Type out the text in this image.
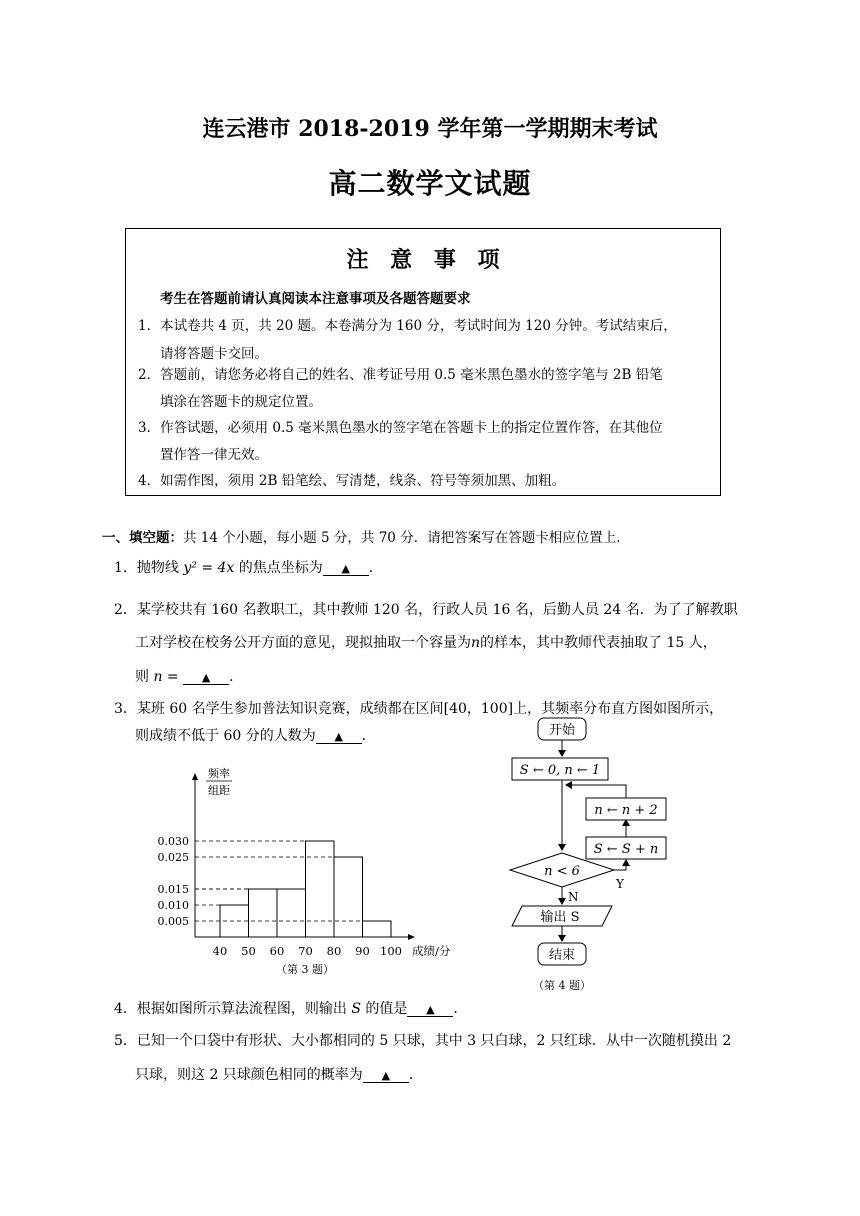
连云港市 2018-2019 学年第一学期期末考试
高二数学文试题
注 意 事 项
考生在答题前请认真阅读本注意事项及各题答题要求
1．本试卷共 4 页，共 20 题。本卷满分为 160 分，考试时间为 120 分钟。考试结束后，
请将答题卡交回。
2．答题前，请您务必将自己的姓名、准考证号用 0.5 毫米黑色墨水的签字笔与 2B 铅笔
填涂在答题卡的规定位置。
3．作答试题，必须用 0.5 毫米黑色墨水的签字笔在答题卡上的指定位置作答，在其他位
置作答一律无效。
4．如需作图，须用 2B 铅笔绘、写清楚，线条、符号等须加黑、加粗。
一、填空题：共 14 个小题，每小题 5 分，共 70 分．请把答案写在答题卡相应位置上．
1．抛物线 y² = 4x 的焦点坐标为 ▲ ．
2．某学校共有 160 名教职工，其中教师 120 名，行政人员 16 名，后勤人员 24 名．为了了解教职
工对学校在校务公开方面的意见，现拟抽取一个容量为n的样本，其中教师代表抽取了 15 人，
则 n = ▲ ．
3．某班 60 名学生参加普法知识竞赛，成绩都在区间[40，100]上，其频率分布直方图如图所示，
则成绩不低于 60 分的人数为 ▲ ．
0.005
0.010
0.015
0.025
0.030
40 50 60 70 80 90 100
频率
组距
成绩/分
（第 3 题）
开始
S ← 0, n ← 1
n < 6
Y
S ← S + n
n ← n + 2
N
输出 S
结束
（第 4 题）
4．根据如图所示算法流程图，则输出 S 的值是 ▲ ．
5．已知一个口袋中有形状、大小都相同的 5 只球，其中 3 只白球，2 只红球．从中一次随机摸出 2
只球，则这 2 只球颜色相同的概率为 ▲ ．
